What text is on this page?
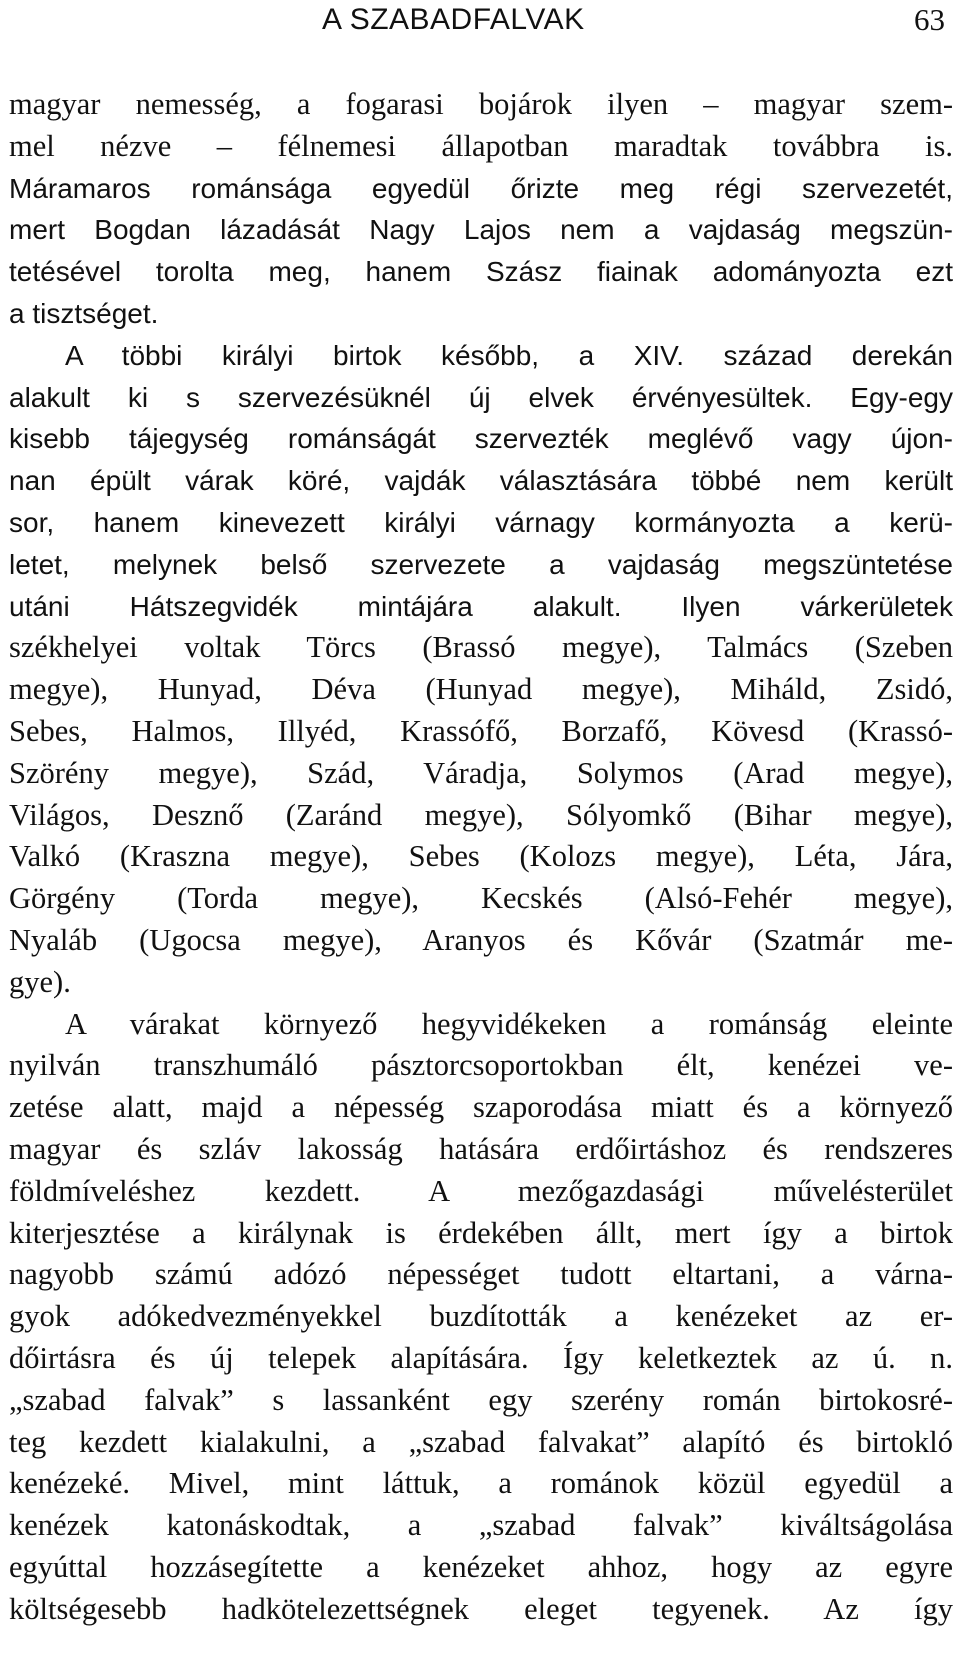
A SZABADFALVAK	63
magyar nemesség, a fogarasi bojárok ilyen – magyar szem-
mel nézve – félnemesi állapotban maradtak továbbra is.
Máramaros románsága egyedül őrizte meg régi szervezetét,
mert Bogdan lázadását Nagy Lajos nem a vajdaság megszün-
tetésével torolta meg, hanem Szász fiainak adományozta ezt
a tisztséget.
A többi királyi birtok később, a XIV. század derekán
alakult ki s szervezésüknél új elvek érvényesültek. Egy-egy
kisebb tájegység románságát szervezték meglévő vagy újon-
nan épült várak köré, vajdák választására többé nem került
sor, hanem kinevezett királyi várnagy kormányozta a kerü-
letet, melynek belső szervezete a vajdaság megszüntetése
utáni Hátszegvidék mintájára alakult. Ilyen várkerületek
székhelyei voltak Törcs (Brassó megye), Talmács (Szeben
megye), Hunyad, Déva (Hunyad megye), Miháld, Zsidó,
Sebes, Halmos, Illyéd, Krassófő, Borzafő, Kövesd (Krassó-
Szörény megye), Szád, Váradja, Solymos (Arad megye),
Világos, Desznő (Zaránd megye), Sólyomkő (Bihar megye),
Valkó (Kraszna megye), Sebes (Kolozs megye), Léta, Jára,
Görgény (Torda megye), Kecskés (Alsó-Fehér megye),
Nyaláb (Ugocsa megye), Aranyos és Kővár (Szatmár me-
gye).
A várakat környező hegyvidékeken a románság eleinte
nyilván transzhumáló pásztorcsoportokban élt, kenézei ve-
zetése alatt, majd a népesség szaporodása miatt és a környező
magyar és szláv lakosság hatására erdőirtáshoz és rendszeres
földmíveléshez kezdett. A mezőgazdasági művelésterület
kiterjesztése a királynak is érdekében állt, mert így a birtok
nagyobb számú adózó népességet tudott eltartani, a várna-
gyok adókedvezményekkel buzdították a kenézeket az er-
dőirtásra és új telepek alapítására. Így keletkeztek az ú. n.
„szabad falvak” s lassanként egy szerény román birtokosré-
teg kezdett kialakulni, a „szabad falvakat” alapító és birtokló
kenézeké. Mivel, mint láttuk, a románok közül egyedül a
kenézek katonáskodtak, a „szabad falvak” kiváltságolása
egyúttal hozzásegítette a kenézeket ahhoz, hogy az egyre
költségesebb hadkötelezettségnek eleget tegyenek. Az így
